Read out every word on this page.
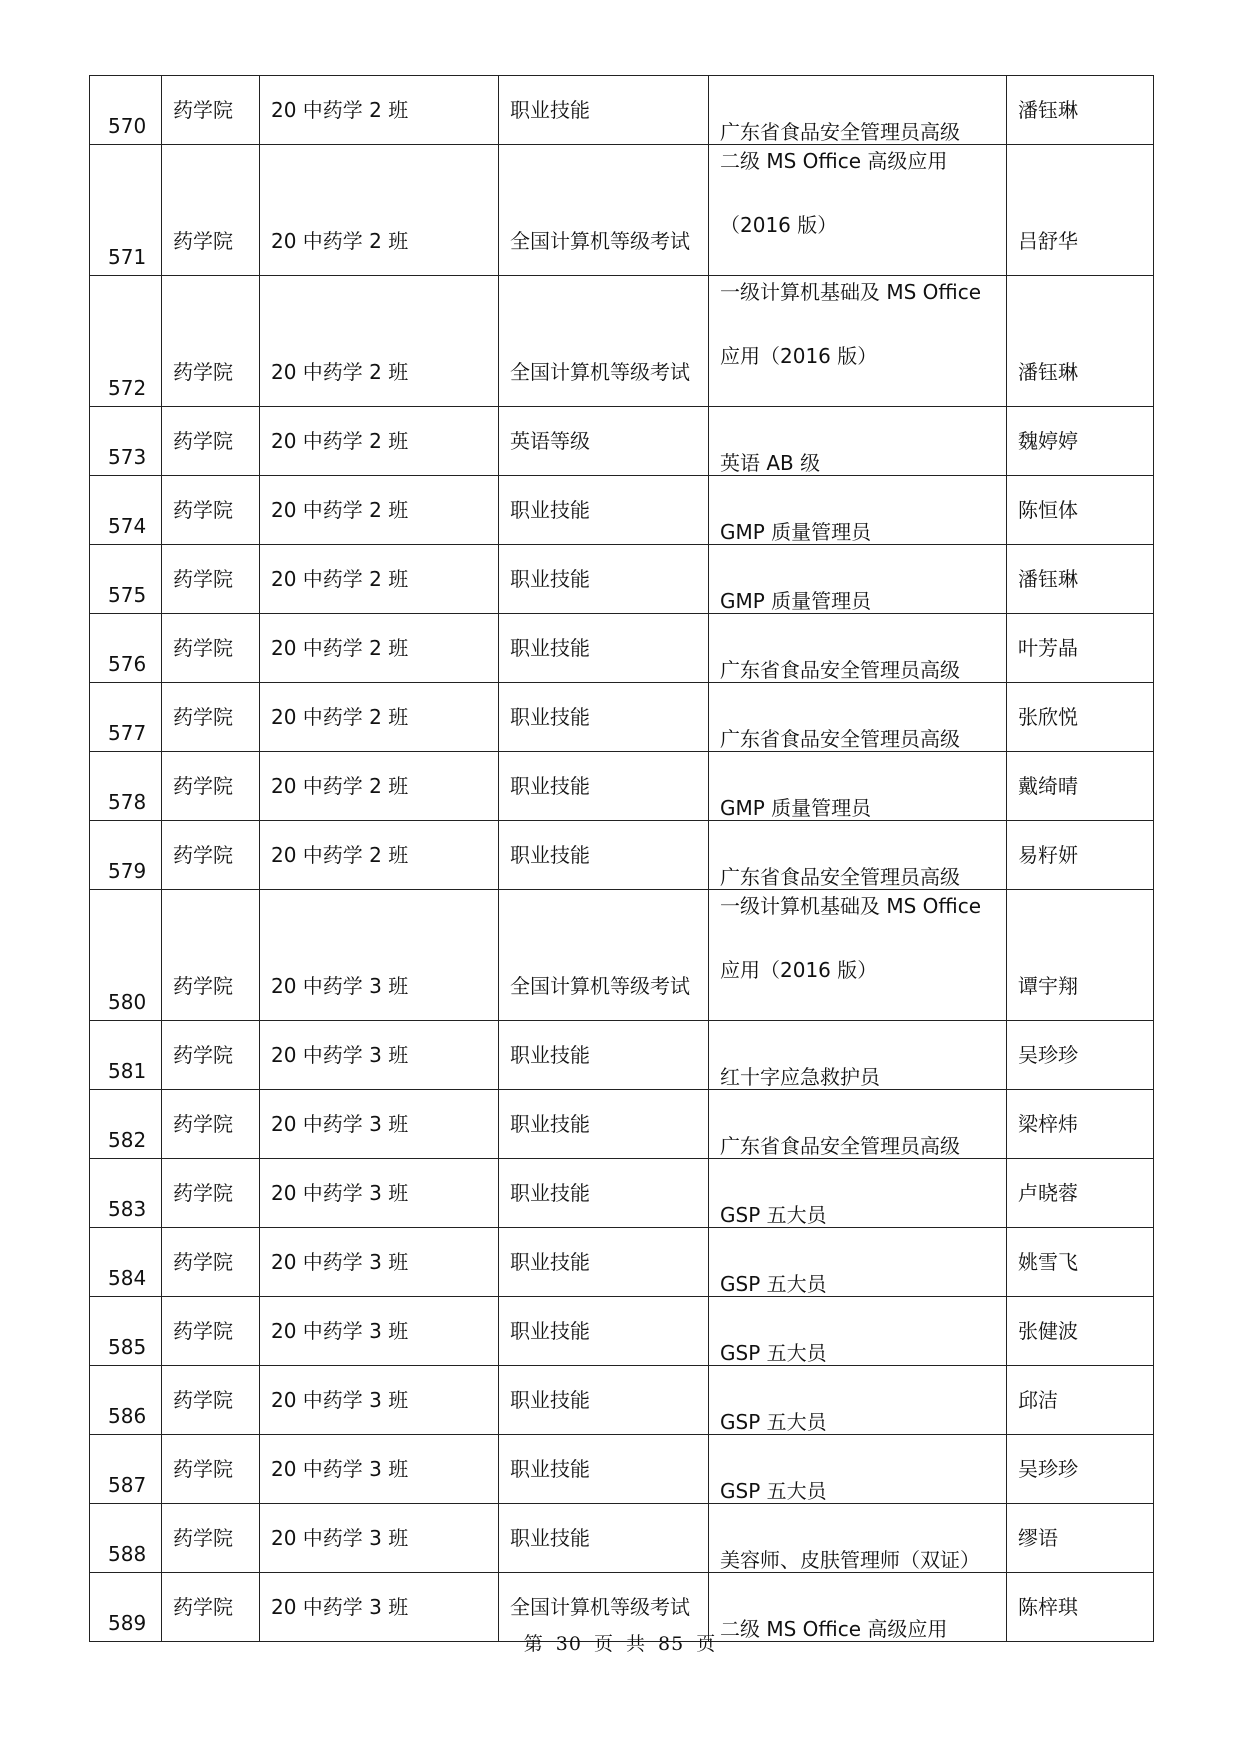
570	药学院	20 中药学 2 班	职业技能	广东省食品安全管理员高级	潘钰琳

571	药学院	20 中药学 2 班	全国计算机等级考试	二级 MS Office 高级应用
（2016 版）	吕舒华

572	药学院	20 中药学 2 班	全国计算机等级考试	一级计算机基础及 MS Office
应用（2016 版）	潘钰琳

573	药学院	20 中药学 2 班	英语等级	英语 AB 级	魏婷婷

574	药学院	20 中药学 2 班	职业技能	GMP 质量管理员	陈恒体

575	药学院	20 中药学 2 班	职业技能	GMP 质量管理员	潘钰琳

576	药学院	20 中药学 2 班	职业技能	广东省食品安全管理员高级	叶芳晶

577	药学院	20 中药学 2 班	职业技能	广东省食品安全管理员高级	张欣悦

578	药学院	20 中药学 2 班	职业技能	GMP 质量管理员	戴绮晴

579	药学院	20 中药学 2 班	职业技能	广东省食品安全管理员高级	易籽妍

580	药学院	20 中药学 3 班	全国计算机等级考试	一级计算机基础及 MS Office
应用（2016 版）	谭宇翔

581	药学院	20 中药学 3 班	职业技能	红十字应急救护员	吴珍珍

582	药学院	20 中药学 3 班	职业技能	广东省食品安全管理员高级	梁梓炜

583	药学院	20 中药学 3 班	职业技能	GSP 五大员	卢晓蓉

584	药学院	20 中药学 3 班	职业技能	GSP 五大员	姚雪飞

585	药学院	20 中药学 3 班	职业技能	GSP 五大员	张健波

586	药学院	20 中药学 3 班	职业技能	GSP 五大员	邱洁

587	药学院	20 中药学 3 班	职业技能	GSP 五大员	吴珍珍

588	药学院	20 中药学 3 班	职业技能	美容师、皮肤管理师（双证）	缪语

589	药学院	20 中药学 3 班	全国计算机等级考试	二级 MS Office 高级应用	陈梓琪
第 30 页 共 85 页
